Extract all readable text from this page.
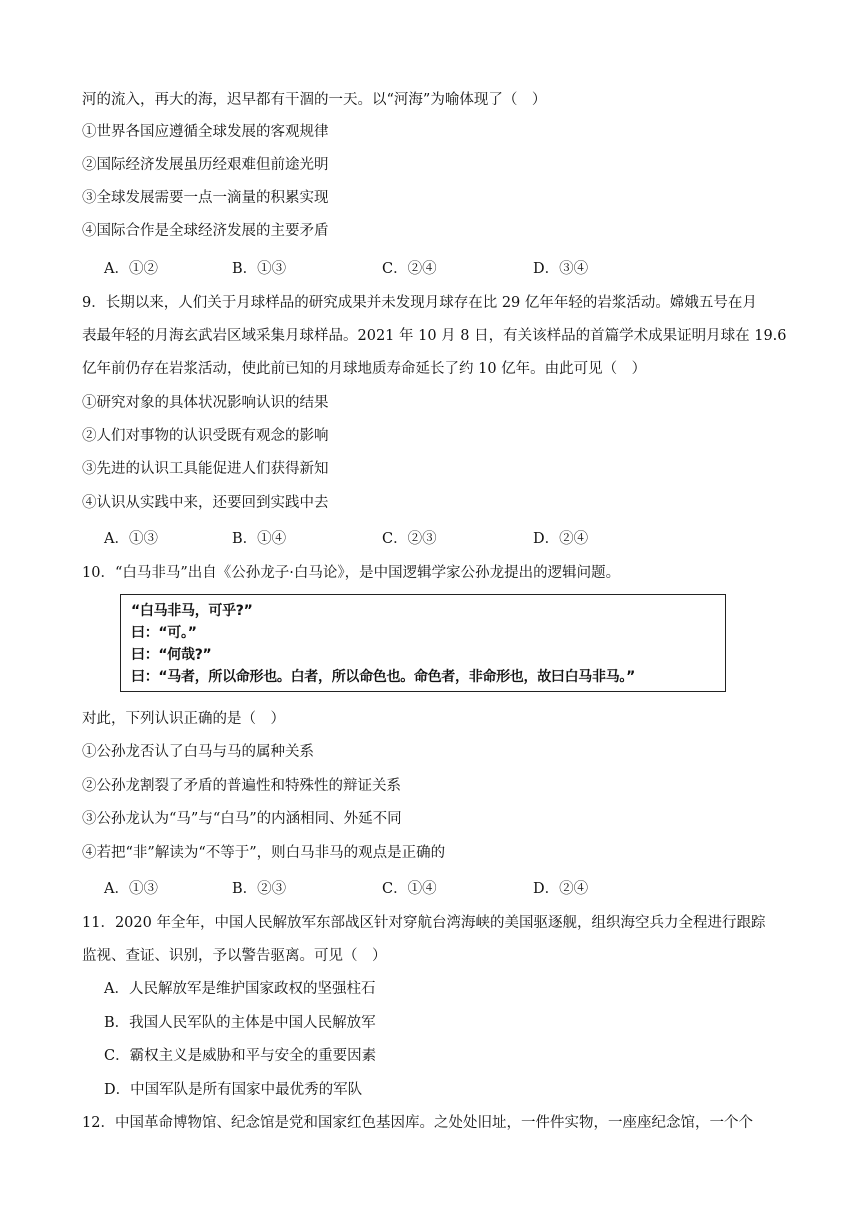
河的流入，再大的海，迟早都有干涸的一天。以“河海”为喻体现了（　）
①世界各国应遵循全球发展的客观规律
②国际经济发展虽历经艰难但前途光明
③全球发展需要一点一滴量的积累实现
④国际合作是全球经济发展的主要矛盾
A．①②	B．①③	C．②④	D．③④
9．长期以来，人们关于月球样品的研究成果并未发现月球存在比 29 亿年年轻的岩浆活动。嫦娥五号在月
表最年轻的月海玄武岩区域采集月球样品。2021 年 10 月 8 日，有关该样品的首篇学术成果证明月球在 19.6
亿年前仍存在岩浆活动，使此前已知的月球地质寿命延长了约 10 亿年。由此可见（　）
①研究对象的具体状况影响认识的结果
②人们对事物的认识受既有观念的影响
③先进的认识工具能促进人们获得新知
④认识从实践中来，还要回到实践中去
A．①③	B．①④	C．②③	D．②④
10．“白马非马”出自《公孙龙子·白马论》，是中国逻辑学家公孙龙提出的逻辑问题。
“白马非马，可乎?”
曰：“可。”
曰：“何哉?”
曰：“马者，所以命形也。白者，所以命色也。命色者，非命形也，故曰白马非马。”
对此，下列认识正确的是（　）
①公孙龙否认了白马与马的属种关系
②公孙龙割裂了矛盾的普遍性和特殊性的辩证关系
③公孙龙认为“马”与“白马”的内涵相同、外延不同
④若把“非”解读为“不等于”，则白马非马的观点是正确的
A．①③	B．②③	C．①④	D．②④
11．2020 年全年，中国人民解放军东部战区针对穿航台湾海峡的美国驱逐舰，组织海空兵力全程进行跟踪
监视、查证、识别，予以警告驱离。可见（　）
A．人民解放军是维护国家政权的坚强柱石
B．我国人民军队的主体是中国人民解放军
C．霸权主义是威胁和平与安全的重要因素
D．中国军队是所有国家中最优秀的军队
12．中国革命博物馆、纪念馆是党和国家红色基因库。之处处旧址，一件件实物，一座座纪念馆，一个个
